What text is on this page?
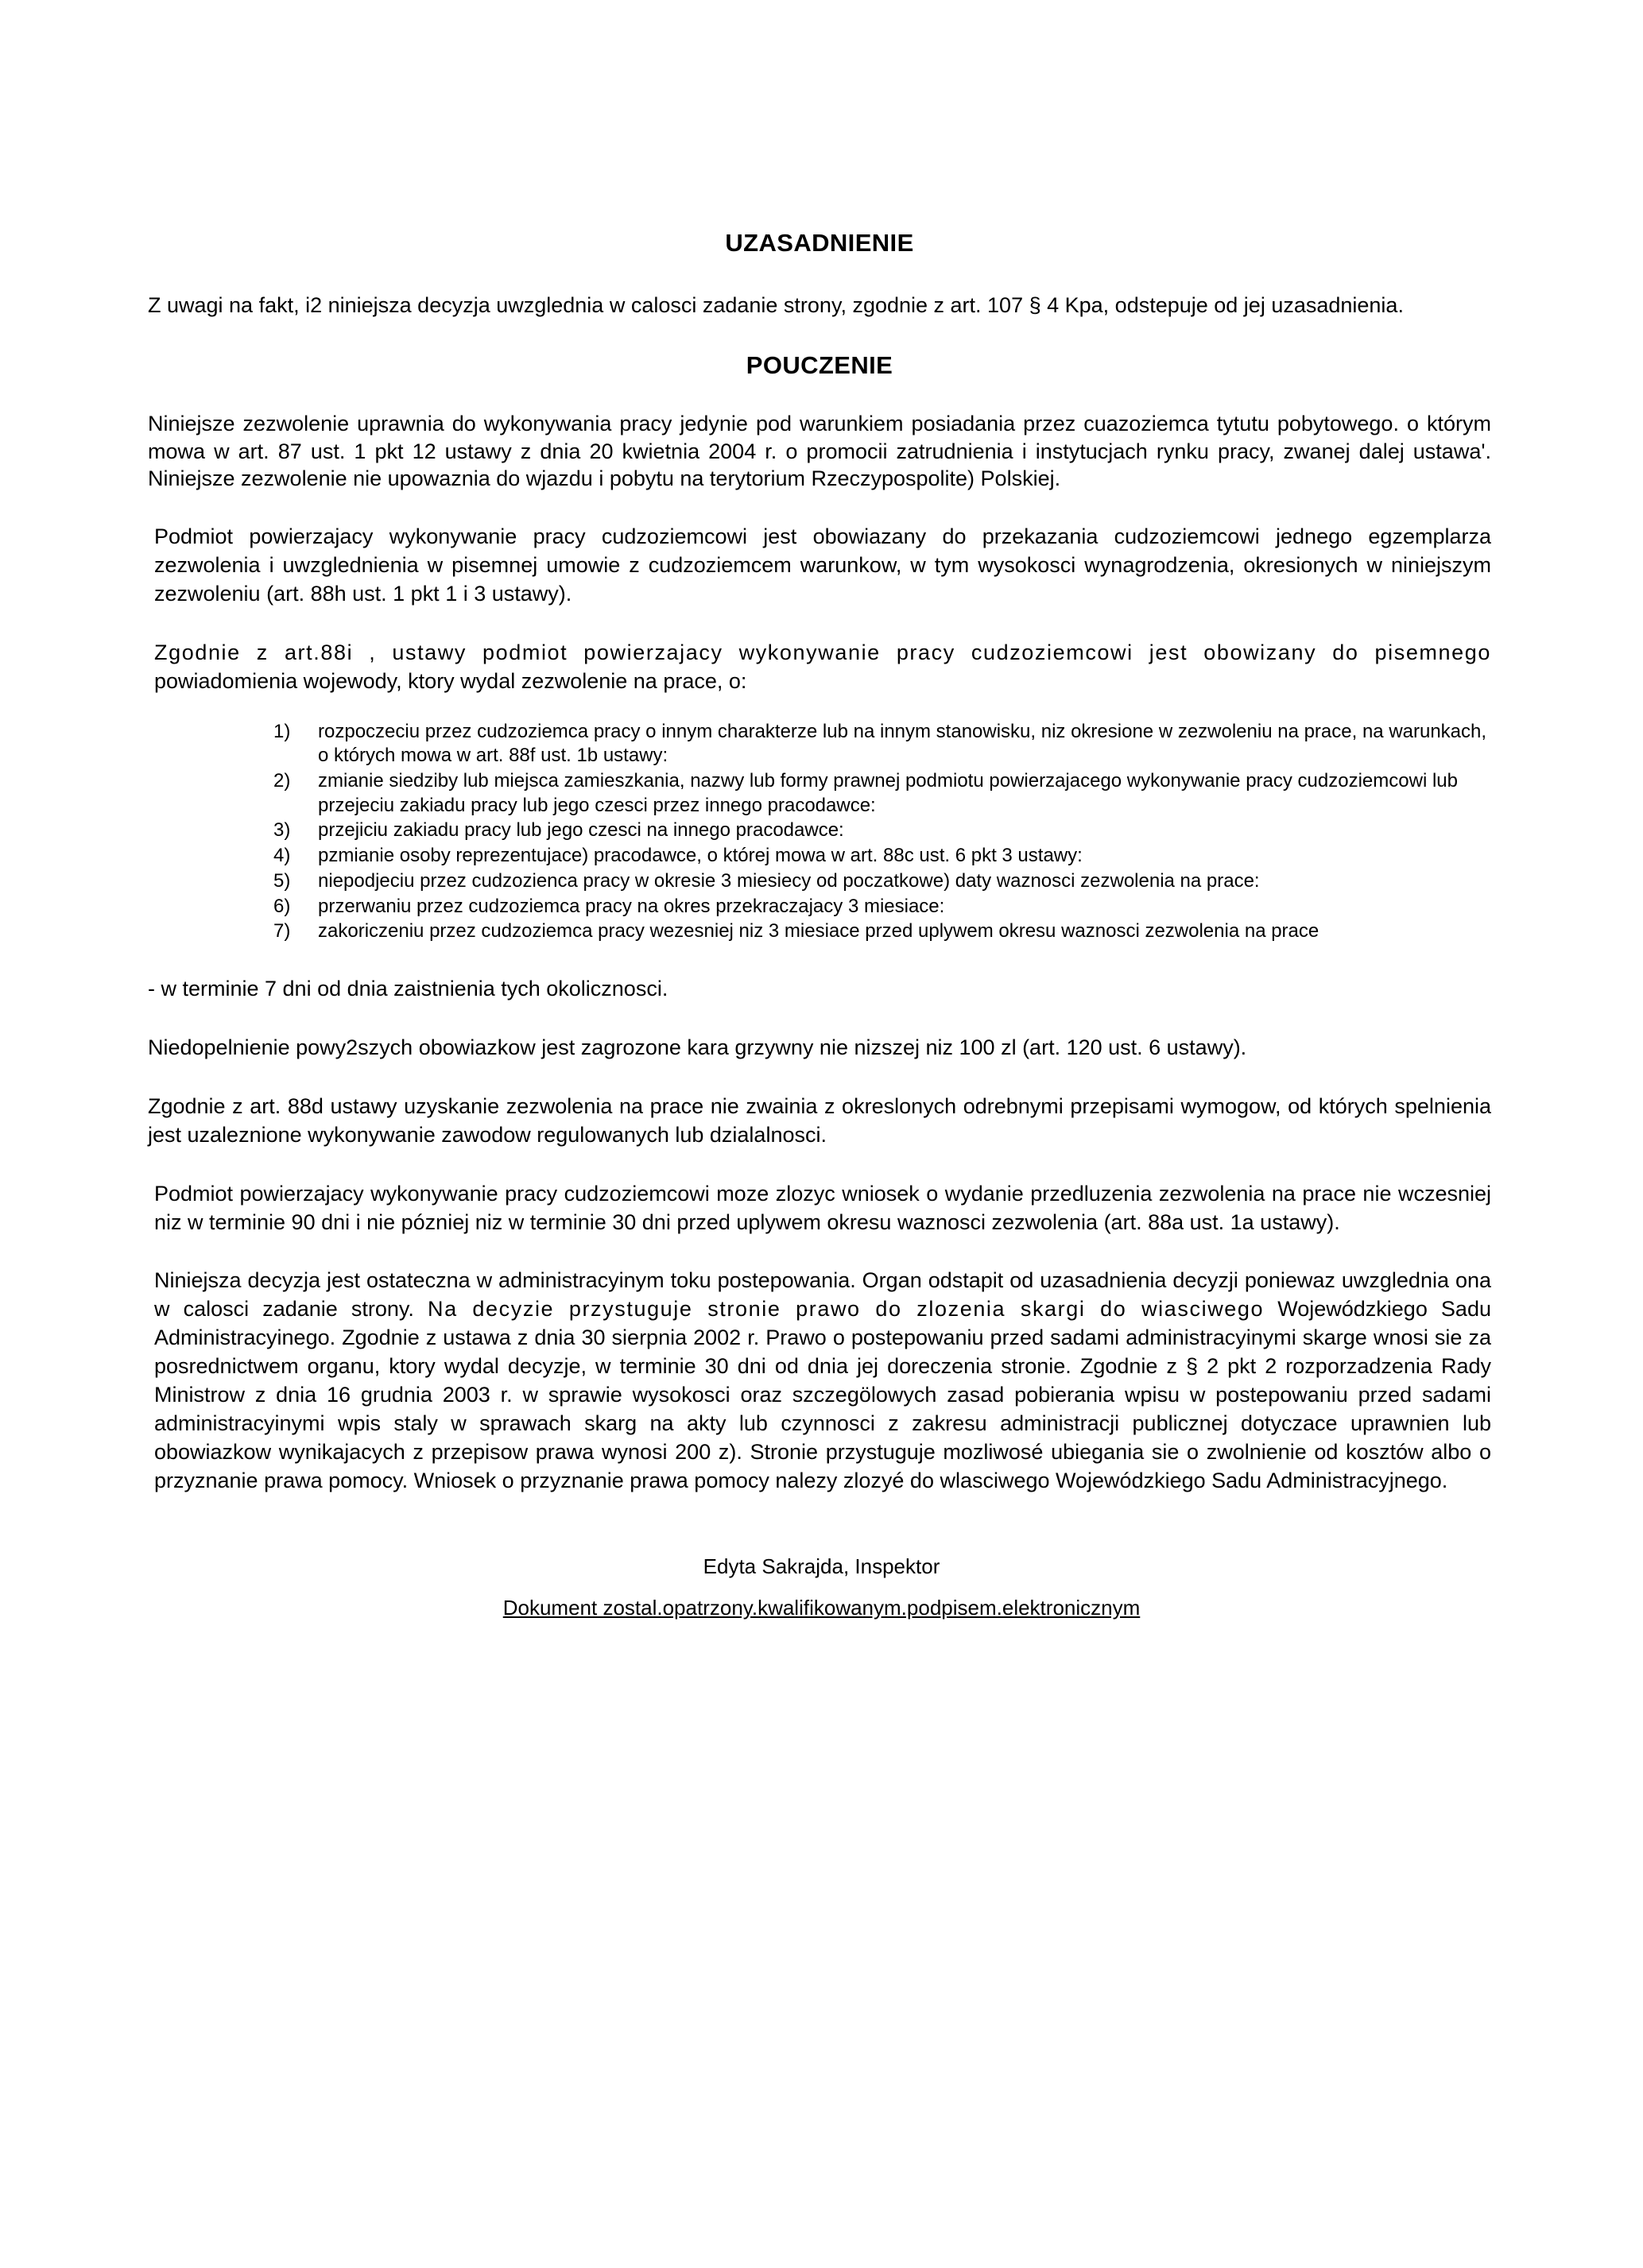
UZASADNIENIE

Z uwagi na fakt, i2 niniejsza decyzja uwzglednia w calosci zadanie strony, zgodnie z art. 107 § 4 Kpa, odstepuje od jej uzasadnienia.

POUCZENIE

Niniejsze zezwolenie uprawnia do wykonywania pracy jedynie pod warunkiem posiadania przez cuazoziemca tytutu pobytowego. o którym mowa w art. 87 ust. 1 pkt 12 ustawy z dnia 20 kwietnia 2004 r. o promocii zatrudnienia i instytucjach rynku pracy, zwanej dalej ustawa'. Niniejsze zezwolenie nie upowaznia do wjazdu i pobytu na terytorium Rzeczypospolite) Polskiej.

Podmiot powierzajacy wykonywanie pracy cudzoziemcowi jest obowiazany do przekazania cudzoziemcowi jednego egzemplarza zezwolenia i uwzglednienia w pisemnej umowie z cudzoziemcem warunkow, w tym wysokosci wynagrodzenia, okresionych w niniejszym zezwoleniu (art. 88h ust. 1 pkt 1 i 3 ustawy).

Zgodnie z art.88i , ustawy podmiot powierzajacy wykonywanie pracy cudzoziemcowi jest obowizany do pisemnego powiadomienia wojewody, ktory wydal zezwolenie na prace, o:

1)	rozpoczeciu przez cudzoziemca pracy o innym charakterze lub na innym stanowisku, niz okresione w zezwoleniu na prace, na warunkach, o których mowa w art. 88f ust. 1b ustawy:
2)	zmianie siedziby lub miejsca zamieszkania, nazwy lub formy prawnej podmiotu powierzajacego wykonywanie pracy cudzoziemcowi lub przejeciu zakiadu pracy lub jego czesci przez innego pracodawce:
3)	przejiciu zakiadu pracy lub jego czesci na innego pracodawce:
4)	pzmianie osoby reprezentujace) pracodawce, o której mowa w art. 88c ust. 6 pkt 3 ustawy:
5)	niepodjeciu przez cudzozienca pracy w okresie 3 miesiecy od poczatkowe) daty waznosci zezwolenia na prace:
6)	przerwaniu przez cudzoziemca pracy na okres przekraczajacy 3 miesiace:
7)	zakoriczeniu przez cudzoziemca pracy wezesniej niz 3 miesiace przed uplywem okresu waznosci zezwolenia na prace

- w terminie 7 dni od dnia zaistnienia tych okolicznosci.

Niedopelnienie powy2szych obowiazkow jest zagrozone kara grzywny nie nizszej niz 100 zl (art. 120 ust. 6 ustawy).

Zgodnie z art. 88d ustawy uzyskanie zezwolenia na prace nie zwainia z okreslonych odrebnymi przepisami wymogow, od których spelnienia jest uzaleznione wykonywanie zawodow regulowanych lub dzialalnosci.

Podmiot powierzajacy wykonywanie pracy cudzoziemcowi moze zlozyc wniosek o wydanie przedluzenia zezwolenia na prace nie wczesniej niz w terminie 90 dni i nie pózniej niz w terminie 30 dni przed uplywem okresu waznosci zezwolenia (art. 88a ust. 1a ustawy).

Niniejsza decyzja jest ostateczna w administracyinym toku postepowania. Organ odstapit od uzasadnienia decyzji poniewaz uwzglednia ona w calosci zadanie strony. Na decyzie przystuguje stronie prawo do zlozenia skargi do wiasciwego Wojewódzkiego Sadu Administracyinego. Zgodnie z ustawa z dnia 30 sierpnia 2002 r. Prawo o postepowaniu przed sadami administracyinymi skarge wnosi sie za posrednictwem organu, ktory wydal decyzje, w terminie 30 dni od dnia jej doreczenia stronie. Zgodnie z § 2 pkt 2 rozporzadzenia Rady Ministrow z dnia 16 grudnia 2003 r. w sprawie wysokosci oraz szczegölowych zasad pobierania wpisu w postepowaniu przed sadami administracyinymi wpis staly w sprawach skarg na akty lub czynnosci z zakresu administracji publicznej dotyczace uprawnien lub obowiazkow wynikajacych z przepisow prawa wynosi 200 z). Stronie przystuguje mozliwosé ubiegania sie o zwolnienie od kosztów albo o przyznanie prawa pomocy. Wniosek o przyznanie prawa pomocy nalezy zlozyé do wlasciwego Wojewódzkiego Sadu Administracyjnego.

Edyta Sakrajda, Inspektor
Dokument zostal.opatrzony.kwalifikowanym.podpisem.elektronicznym
